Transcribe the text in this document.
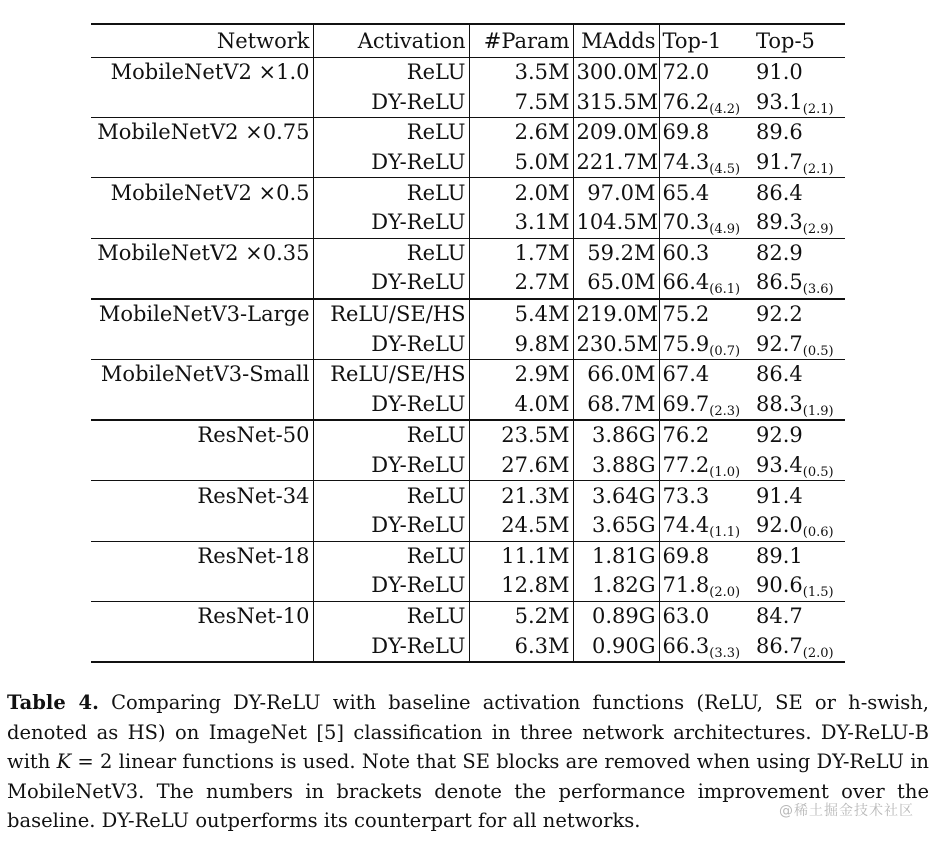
Network	Activation	#Param	MAdds	Top-1	Top-5
MobileNetV2 ×1.0	ReLU	3.5M	300.0M	72.0	91.0
	DY-ReLU	7.5M	315.5M	$76.2_{(4.2)}$	$93.1_{(2.1)}$
MobileNetV2 ×0.75	ReLU	2.6M	209.0M	69.8	89.6
	DY-ReLU	5.0M	221.7M	$74.3_{(4.5)}$	$91.7_{(2.1)}$
MobileNetV2 ×0.5	ReLU	2.0M	97.0M	65.4	86.4
	DY-ReLU	3.1M	104.5M	$70.3_{(4.9)}$	$89.3_{(2.9)}$
MobileNetV2 ×0.35	ReLU	1.7M	59.2M	60.3	82.9
	DY-ReLU	2.7M	65.0M	$66.4_{(6.1)}$	$86.5_{(3.6)}$
MobileNetV3-Large	ReLU/SE/HS	5.4M	219.0M	75.2	92.2
	DY-ReLU	9.8M	230.5M	$75.9_{(0.7)}$	$92.7_{(0.5)}$
MobileNetV3-Small	ReLU/SE/HS	2.9M	66.0M	67.4	86.4
	DY-ReLU	4.0M	68.7M	$69.7_{(2.3)}$	$88.3_{(1.9)}$
ResNet-50	ReLU	23.5M	3.86G	76.2	92.9
	DY-ReLU	27.6M	3.88G	$77.2_{(1.0)}$	$93.4_{(0.5)}$
ResNet-34	ReLU	21.3M	3.64G	73.3	91.4
	DY-ReLU	24.5M	3.65G	$74.4_{(1.1)}$	$92.0_{(0.6)}$
ResNet-18	ReLU	11.1M	1.81G	69.8	89.1
	DY-ReLU	12.8M	1.82G	$71.8_{(2.0)}$	$90.6_{(1.5)}$
ResNet-10	ReLU	5.2M	0.89G	63.0	84.7
	DY-ReLU	6.3M	0.90G	$66.3_{(3.3)}$	$86.7_{(2.0)}$

Table 4. Comparing DY-ReLU with baseline activation functions (ReLU, SE or h-swish, denoted as HS) on ImageNet [5] classification in three network architectures. DY-ReLU-B with K = 2 linear functions is used. Note that SE blocks are removed when using DY-ReLU in MobileNetV3. The numbers in brackets denote the performance improvement over the baseline. DY-ReLU outperforms its counterpart for all networks.	@稀土掘金技术社区
